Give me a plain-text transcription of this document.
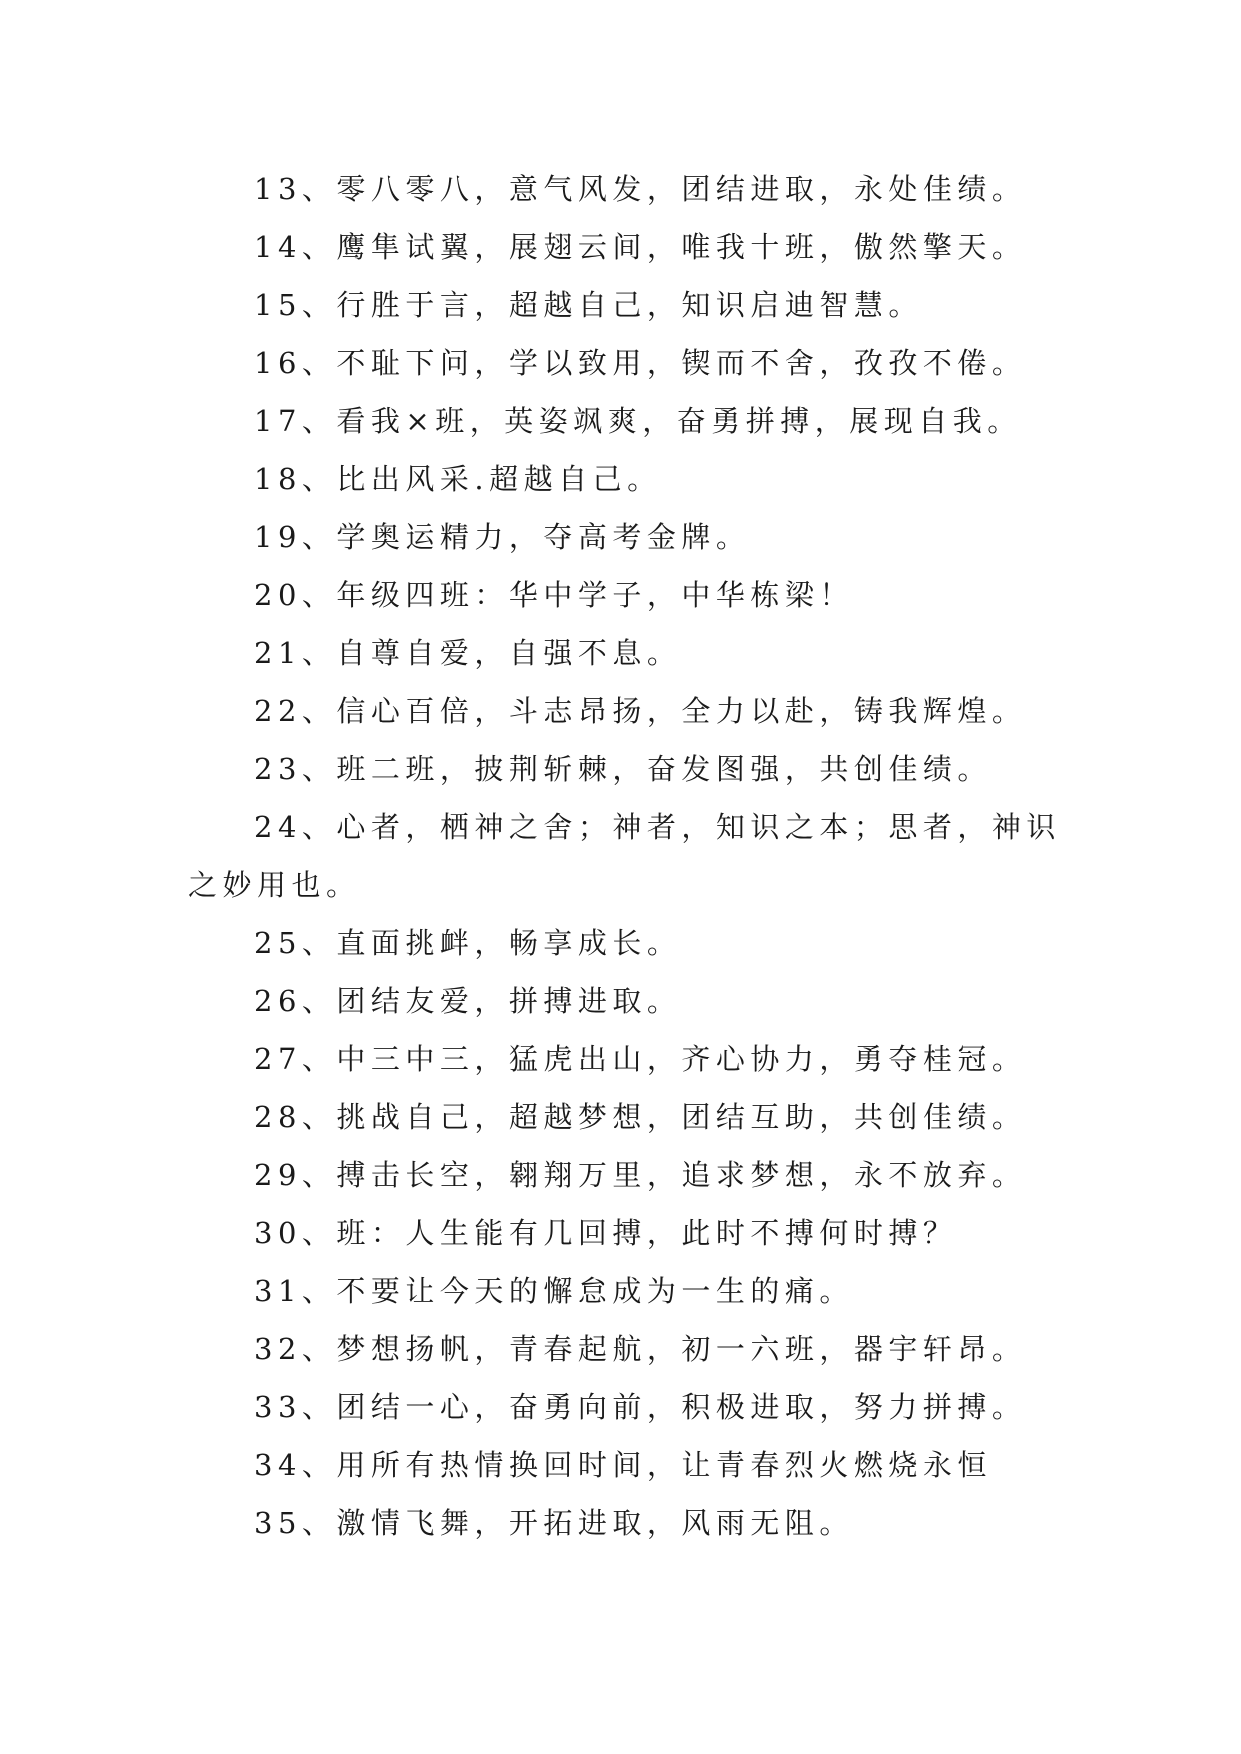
13、零八零八，意气风发，团结进取，永处佳绩。

14、鹰隼试翼，展翅云间，唯我十班，傲然擎天。

15、行胜于言，超越自己，知识启迪智慧。

16、不耻下问，学以致用，锲而不舍，孜孜不倦。

17、看我×班，英姿飒爽，奋勇拼搏，展现自我。

18、比出风采.超越自己。

19、学奥运精力，夺高考金牌。

20、年级四班：华中学子，中华栋梁！

21、自尊自爱，自强不息。

22、信心百倍，斗志昂扬，全力以赴，铸我辉煌。

23、班二班，披荆斩棘，奋发图强，共创佳绩。

24、心者，栖神之舍；神者，知识之本；思者，神识之妙用也。

25、直面挑衅，畅享成长。

26、团结友爱，拼搏进取。

27、中三中三，猛虎出山，齐心协力，勇夺桂冠。

28、挑战自己，超越梦想，团结互助，共创佳绩。

29、搏击长空，翱翔万里，追求梦想，永不放弃。

30、班：人生能有几回搏，此时不搏何时搏？

31、不要让今天的懈怠成为一生的痛。

32、梦想扬帆，青春起航，初一六班，器宇轩昂。

33、团结一心，奋勇向前，积极进取，努力拼搏。

34、用所有热情换回时间，让青春烈火燃烧永恒

35、激情飞舞，开拓进取，风雨无阻。
